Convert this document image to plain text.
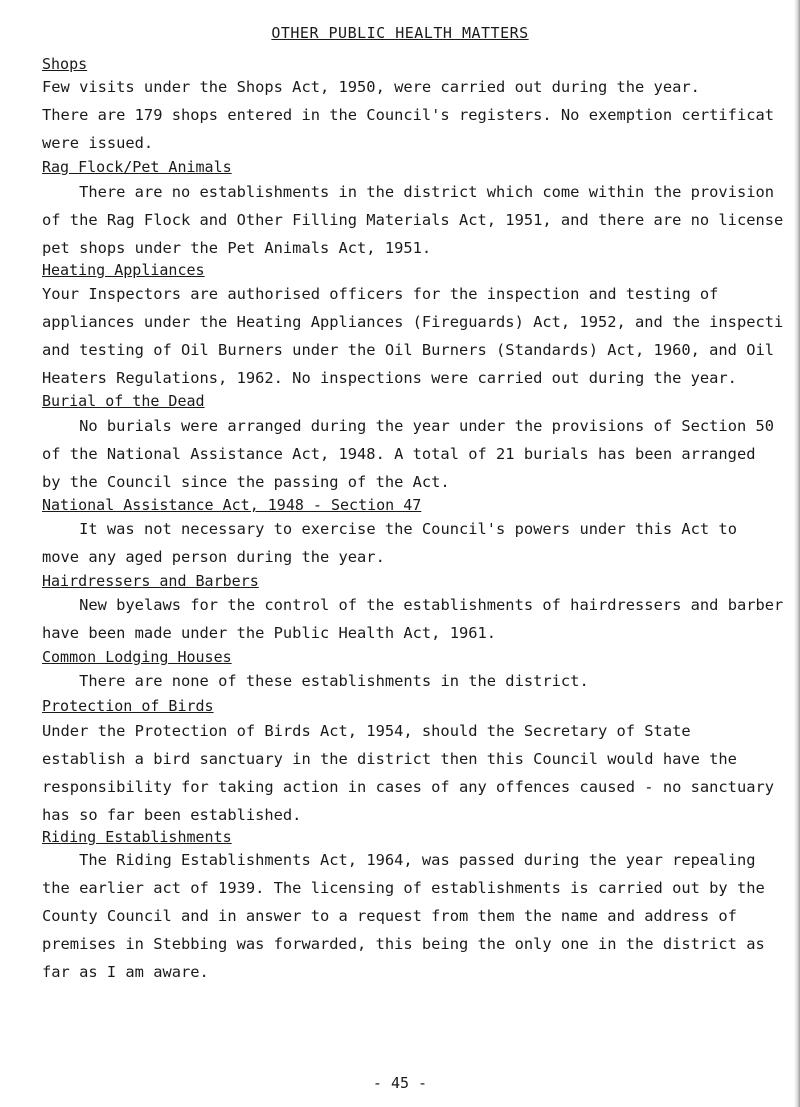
OTHER PUBLIC HEALTH MATTERS
Shops

Few visits under the Shops Act, 1950, were carried out during the year.
There are 179 shops entered in the Council's registers. No exemption certificat
were issued.

Rag Flock/Pet Animals

There are no establishments in the district which come within the provision
of the Rag Flock and Other Filling Materials Act, 1951, and there are no license
pet shops under the Pet Animals Act, 1951.

Heating Appliances

Your Inspectors are authorised officers for the inspection and testing of
appliances under the Heating Appliances (Fireguards) Act, 1952, and the inspecti
and testing of Oil Burners under the Oil Burners (Standards) Act, 1960, and Oil
Heaters Regulations, 1962. No inspections were carried out during the year.

Burial of the Dead

No burials were arranged during the year under the provisions of Section 50
of the National Assistance Act, 1948. A total of 21 burials has been arranged
by the Council since the passing of the Act.

National Assistance Act, 1948 - Section 47

It was not necessary to exercise the Council's powers under this Act to
move any aged person during the year.

Hairdressers and Barbers

New byelaws for the control of the establishments of hairdressers and barber
have been made under the Public Health Act, 1961.

Common Lodging Houses

There are none of these establishments in the district.

Protection of Birds

Under the Protection of Birds Act, 1954, should the Secretary of State
establish a bird sanctuary in the district then this Council would have the
responsibility for taking action in cases of any offences caused - no sanctuary
has so far been established.

Riding Establishments

The Riding Establishments Act, 1964, was passed during the year repealing
the earlier act of 1939. The licensing of establishments is carried out by the
County Council and in answer to a request from them the name and address of
premises in Stebbing was forwarded, this being the only one in the district as
far as I am aware.

- 45 -
